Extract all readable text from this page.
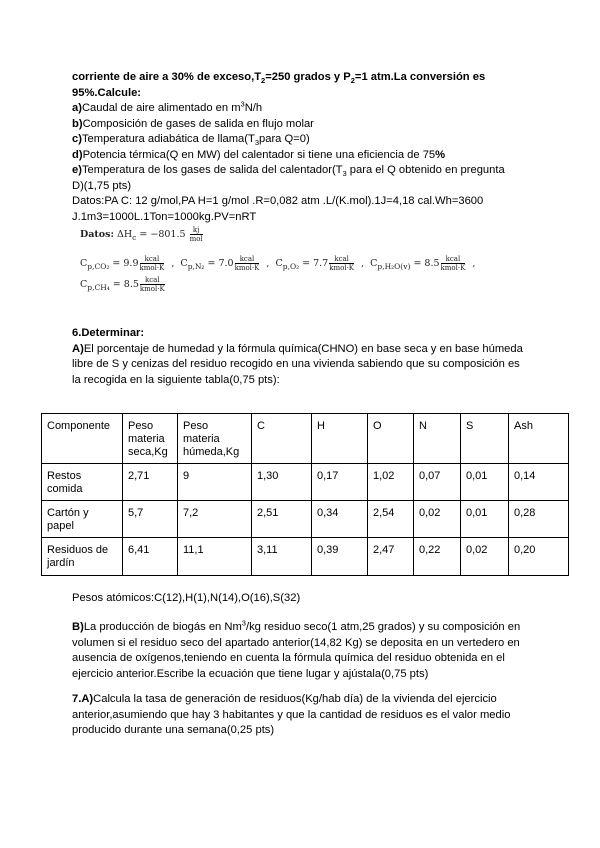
corriente de aire a 30% de $exceso,T_2=250$ grados y $P_2=1$ atm.La conversión es
95%.Calcule:
a)Caudal de aire alimentado en $m^3N/h$
b)Composición de gases de salida en flujo molar
c)Temperatura adiabática de $llama(T_3para$ Q=0)
d)Potencia térmica(Q en MW) del calentador si tiene una eficiencia de 75%
e)Temperatura de los gases de salida del $calentador(T_3$ para el Q obtenido en pregunta
D)(1,75 pts)
Datos:PA C: 12 g/mol,PA H=1 g/mol .R=0,082 atm .L/(K.mol).1J=4,18 cal.Wh=3600
J.1m3=1000L.1Ton=1000kg.PV=nRT
Datos: $\Delta H_c = -801.5 \frac{kj}{\text{mol}}$
$C_{p,CO_2} = 9.9 \frac{\text{kcal}}{\text{kmol·K}}$ ,  $C_{p,N_2} = 7.0 \frac{\text{kcal}}{\text{kmol·K}}$ ,  $C_{p,O_2} = 7.7 \frac{\text{kcal}}{\text{kmol·K}}$ ,  $C_{p,H_2O(v)} = 8.5 \frac{\text{kcal}}{\text{kmol·K}}$ ,
$C_{p,CH_4} = 8.5 \frac{\text{kcal}}{\text{kmol·K}}$
6.Determinar:
A)El porcentaje de humedad y la fórmula química(CHNO) en base seca y en base húmeda
libre de S y cenizas del residuo recogido en una vivienda sabiendo que su composición es
la recogida en la siguiente tabla(0,75 pts):
Componente	Peso materia seca,Kg	Peso materia húmeda,Kg	C	H	O	N	S	Ash
Restos comida	2,71	9	1,30	0,17	1,02	0,07	0,01	0,14
Cartón y papel	5,7	7,2	2,51	0,34	2,54	0,02	0,01	0,28
Residuos de jardín	6,41	11,1	3,11	0,39	2,47	0,22	0,02	0,20
Pesos atómicos:C(12),H(1),N(14),O(16),S(32)
B)La producción de biogás en Nm$^3$/kg residuo seco(1 atm,25 grados) y su composición en
volumen si el residuo seco del apartado anterior(14,82 Kg) se deposita en un vertedero en
ausencia de oxígenos,teniendo en cuenta la fórmula química del residuo obtenida en el
ejercicio anterior.Escribe la ecuación que tiene lugar y ajústala(0,75 pts)
7.A)Calcula la tasa de generación de residuos(Kg/hab día) de la vivienda del ejercicio
anterior,asumiendo que hay 3 habitantes y que la cantidad de residuos es el valor medio
producido durante una semana(0,25 pts)
